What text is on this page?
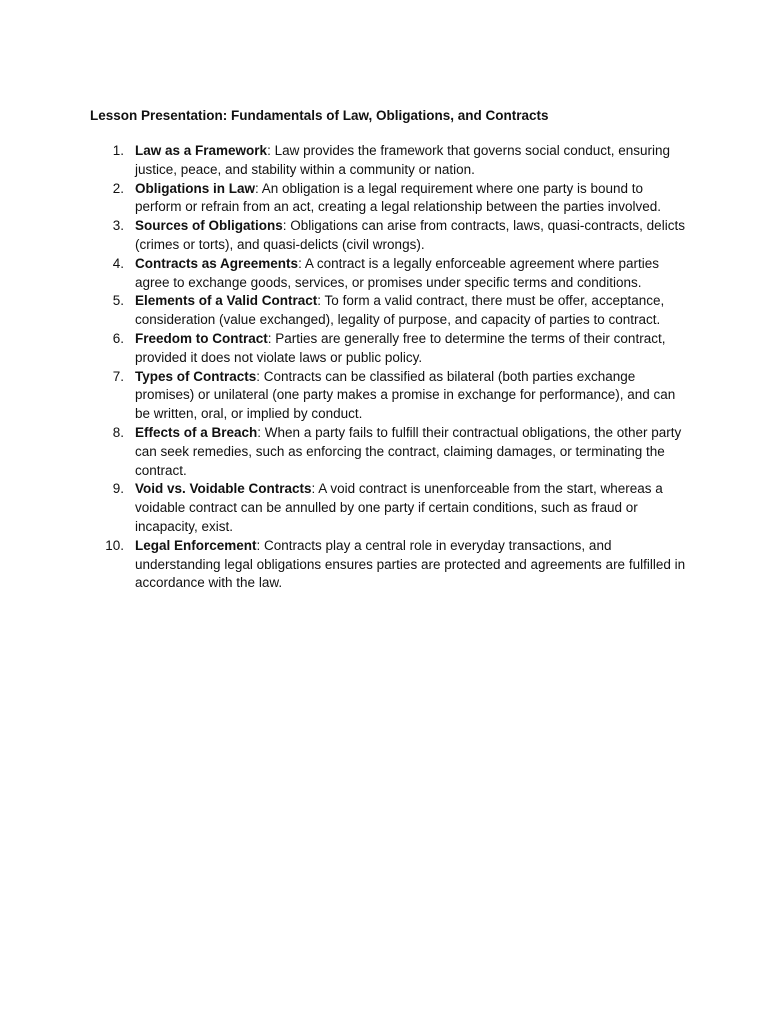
Lesson Presentation: Fundamentals of Law, Obligations, and Contracts
1. Law as a Framework: Law provides the framework that governs social conduct, ensuring justice, peace, and stability within a community or nation.
2. Obligations in Law: An obligation is a legal requirement where one party is bound to perform or refrain from an act, creating a legal relationship between the parties involved.
3. Sources of Obligations: Obligations can arise from contracts, laws, quasi-contracts, delicts (crimes or torts), and quasi-delicts (civil wrongs).
4. Contracts as Agreements: A contract is a legally enforceable agreement where parties agree to exchange goods, services, or promises under specific terms and conditions.
5. Elements of a Valid Contract: To form a valid contract, there must be offer, acceptance, consideration (value exchanged), legality of purpose, and capacity of parties to contract.
6. Freedom to Contract: Parties are generally free to determine the terms of their contract, provided it does not violate laws or public policy.
7. Types of Contracts: Contracts can be classified as bilateral (both parties exchange promises) or unilateral (one party makes a promise in exchange for performance), and can be written, oral, or implied by conduct.
8. Effects of a Breach: When a party fails to fulfill their contractual obligations, the other party can seek remedies, such as enforcing the contract, claiming damages, or terminating the contract.
9. Void vs. Voidable Contracts: A void contract is unenforceable from the start, whereas a voidable contract can be annulled by one party if certain conditions, such as fraud or incapacity, exist.
10. Legal Enforcement: Contracts play a central role in everyday transactions, and understanding legal obligations ensures parties are protected and agreements are fulfilled in accordance with the law.
